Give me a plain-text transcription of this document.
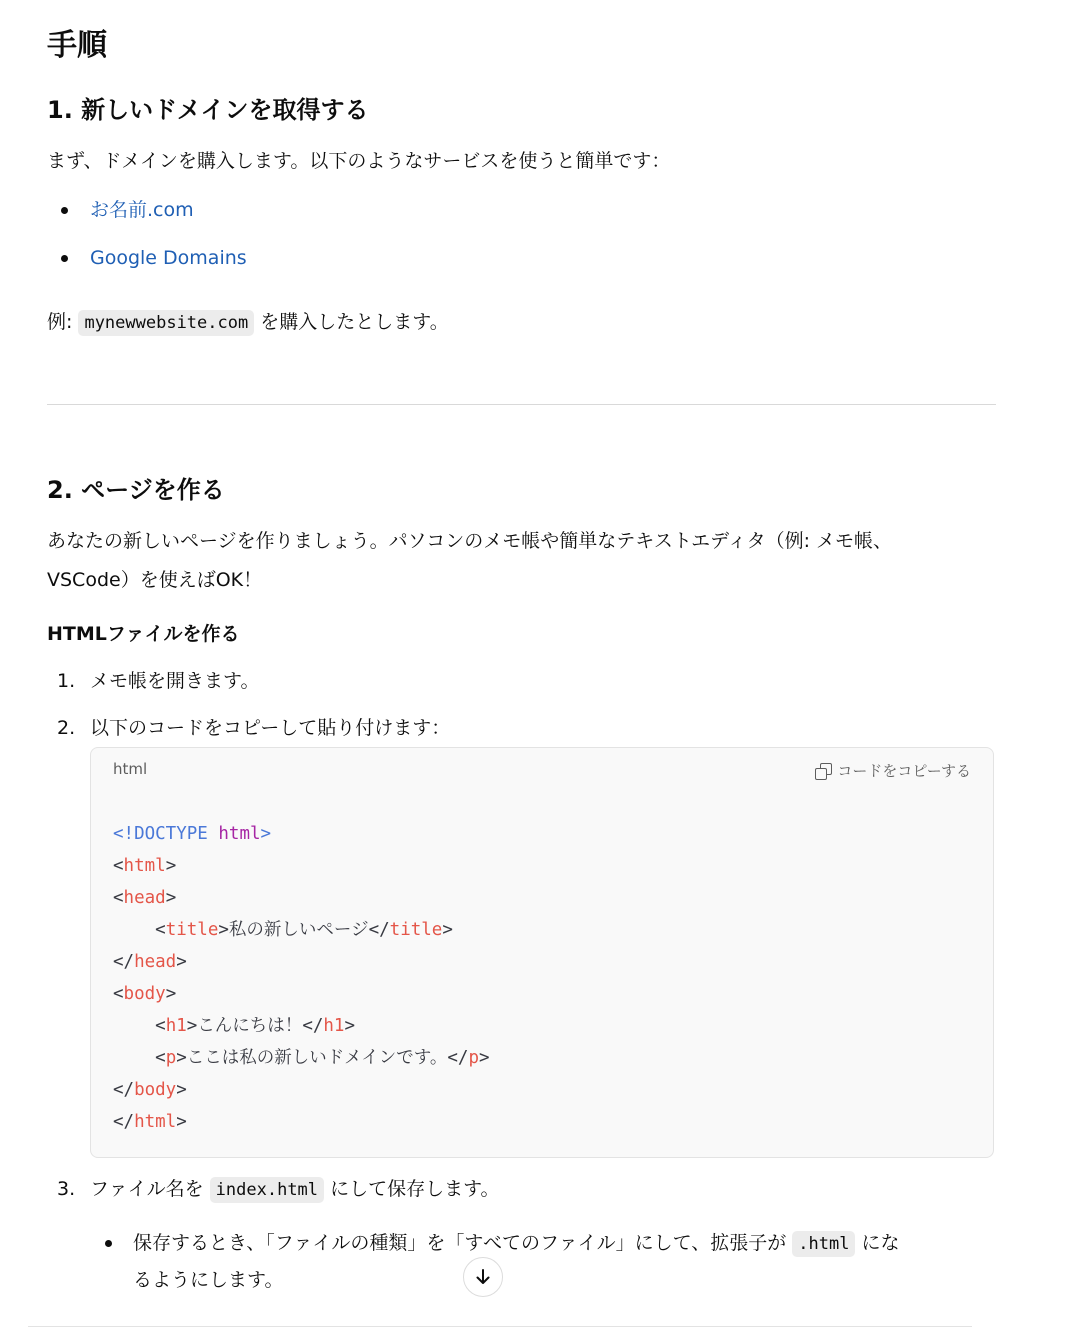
手順
1. 新しいドメインを取得する

まず、ドメインを購入します。以下のようなサービスを使うと簡単です：

お名前.com
Google Domains

例: mynewwebsite.com を購入したとします。

2. ページを作る

あなたの新しいページを作りましょう。パソコンのメモ帳や簡単なテキストエディタ（例: メモ帳、

VSCode）を使えばOK！

HTMLファイルを作る
1. メモ帳を開きます。
2. 以下のコードをコピーして貼り付けます：
html	コードをコピーする
<!DOCTYPE html>
<html>
<head>
<title>私の新しいページ</title>
</head>
<body>
<h1>こんにちは！</h1>
<p>ここは私の新しいドメインです。</p>
</body>
</html>
3. ファイル名を index.html にして保存します。
保存するとき、「ファイルの種類」を「すべてのファイル」にして、拡張子が .html にな
るようにします。
